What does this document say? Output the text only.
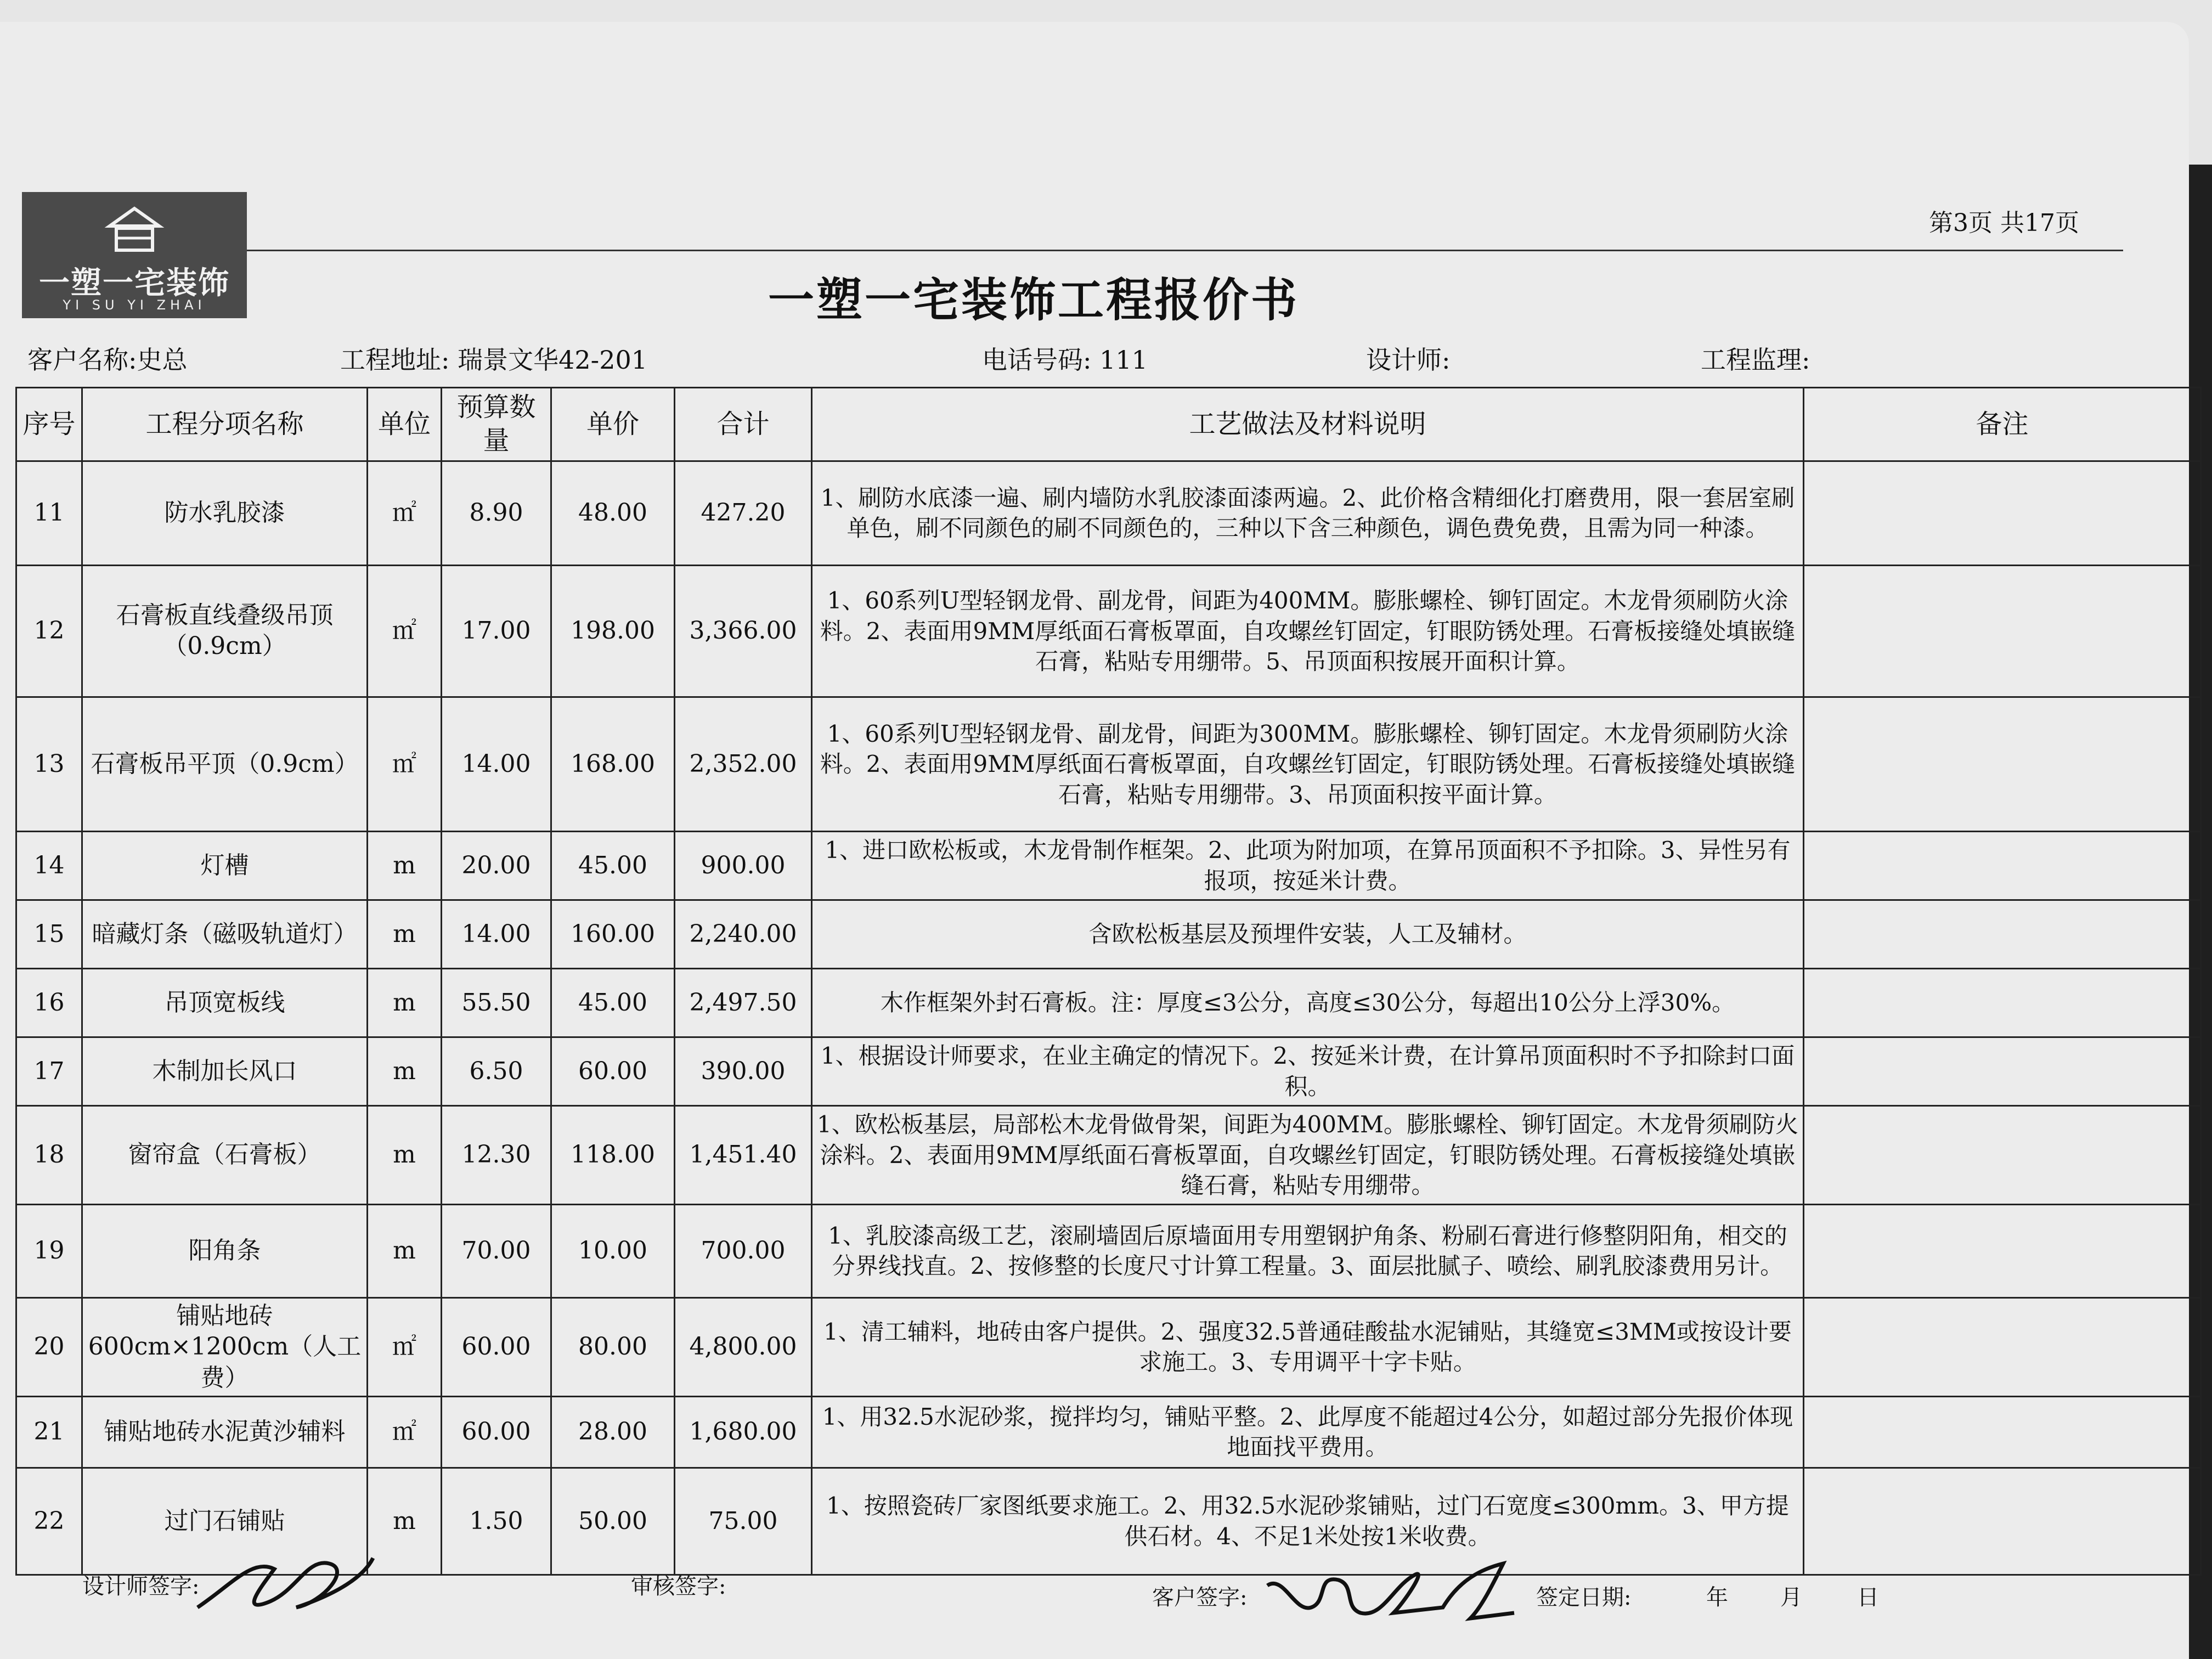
一塑一宅装饰
YI SU YI ZHAI
第3页 共17页
一塑一宅装饰工程报价书
客户名称:史总	工程地址: 瑞景文华42-201	电话号码: 111	设计师:	工程监理:
序号	工程分项名称	单位	预算数量	单价	合计	工艺做法及材料说明	备注
11	防水乳胶漆	㎡	8.90	48.00	427.20	1、刷防水底漆一遍、刷内墙防水乳胶漆面漆两遍。2、此价格含精细化打磨费用，限一套居室刷单色，刷不同颜色的刷不同颜色的，三种以下含三种颜色，调色费免费，且需为同一种漆。	
12	石膏板直线叠级吊顶（0.9cm）	㎡	17.00	198.00	3,366.00	1、60系列U型轻钢龙骨、副龙骨，间距为400MM。膨胀螺栓、铆钉固定。木龙骨须刷防火涂料。2、表面用9MM厚纸面石膏板罩面，自攻螺丝钉固定，钉眼防锈处理。石膏板接缝处填嵌缝石膏，粘贴专用绷带。5、吊顶面积按展开面积计算。	
13	石膏板吊平顶（0.9cm）	㎡	14.00	168.00	2,352.00	1、60系列U型轻钢龙骨、副龙骨，间距为300MM。膨胀螺栓、铆钉固定。木龙骨须刷防火涂料。2、表面用9MM厚纸面石膏板罩面，自攻螺丝钉固定，钉眼防锈处理。石膏板接缝处填嵌缝石膏，粘贴专用绷带。3、吊顶面积按平面计算。	
14	灯槽	m	20.00	45.00	900.00	1、进口欧松板或，木龙骨制作框架。2、此项为附加项，在算吊顶面积不予扣除。3、异性另有报项，按延米计费。	
15	暗藏灯条（磁吸轨道灯）	m	14.00	160.00	2,240.00	含欧松板基层及预埋件安装，人工及辅材。	
16	吊顶宽板线	m	55.50	45.00	2,497.50	木作框架外封石膏板。注：厚度≤3公分，高度≤30公分，每超出10公分上浮30%。	
17	木制加长风口	m	6.50	60.00	390.00	1、根据设计师要求，在业主确定的情况下。2、按延米计费，在计算吊顶面积时不予扣除封口面积。	
18	窗帘盒（石膏板）	m	12.30	118.00	1,451.40	1、欧松板基层，局部松木龙骨做骨架，间距为400MM。膨胀螺栓、铆钉固定。木龙骨须刷防火涂料。2、表面用9MM厚纸面石膏板罩面，自攻螺丝钉固定，钉眼防锈处理。石膏板接缝处填嵌缝石膏，粘贴专用绷带。	
19	阳角条	m	70.00	10.00	700.00	1、乳胶漆高级工艺，滚刷墙固后原墙面用专用塑钢护角条、粉刷石膏进行修整阴阳角，相交的分界线找直。2、按修整的长度尺寸计算工程量。3、面层批腻子、喷绘、刷乳胶漆费用另计。	
20	铺贴地砖600cm×1200cm（人工费）	㎡	60.00	80.00	4,800.00	1、清工辅料，地砖由客户提供。2、强度32.5普通硅酸盐水泥铺贴，其缝宽≤3MM或按设计要求施工。3、专用调平十字卡贴。	
21	铺贴地砖水泥黄沙辅料	㎡	60.00	28.00	1,680.00	1、用32.5水泥砂浆，搅拌均匀，铺贴平整。2、此厚度不能超过4公分，如超过部分先报价体现地面找平费用。	
22	过门石铺贴	m	1.50	50.00	75.00	1、按照瓷砖厂家图纸要求施工。2、用32.5水泥砂浆铺贴，过门石宽度≤300mm。3、甲方提供石材。4、不足1米处按1米收费。	
设计师签字:	审核签字:	客户签字:	签定日期:	年 月	日
